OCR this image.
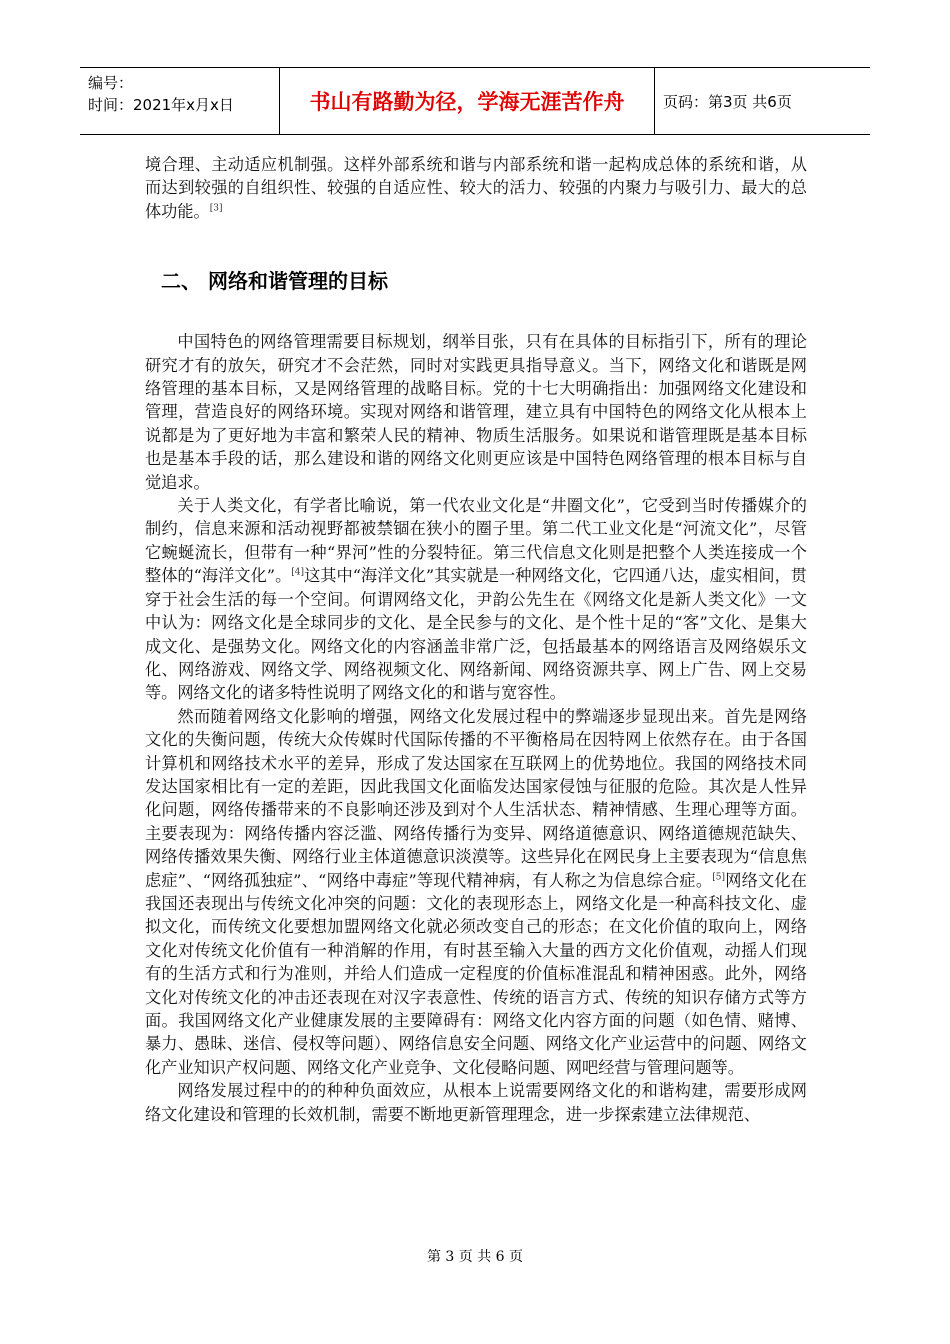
编号：
时间：2021年x月x日	书山有路勤为径，学海无涯苦作舟	页码：第3页 共6页

境合理、主动适应机制强。这样外部系统和谐与内部系统和谐一起构成总体的系统和谐，从而达到较强的自组织性、较强的自适应性、较大的活力、较强的内聚力与吸引力、最大的总体功能。[3]

二、 网络和谐管理的目标

中国特色的网络管理需要目标规划，纲举目张，只有在具体的目标指引下，所有的理论研究才有的放矢，研究才不会茫然，同时对实践更具指导意义。当下，网络文化和谐既是网络管理的基本目标，又是网络管理的战略目标。党的十七大明确指出：加强网络文化建设和管理，营造良好的网络环境。实现对网络和谐管理，建立具有中国特色的网络文化从根本上说都是为了更好地为丰富和繁荣人民的精神、物质生活服务。如果说和谐管理既是基本目标也是基本手段的话，那么建设和谐的网络文化则更应该是中国特色网络管理的根本目标与自觉追求。

关于人类文化，有学者比喻说，第一代农业文化是“井圈文化”，它受到当时传播媒介的制约，信息来源和活动视野都被禁锢在狭小的圈子里。第二代工业文化是“河流文化”，尽管它蜿蜒流长，但带有一种“界河”性的分裂特征。第三代信息文化则是把整个人类连接成一个整体的“海洋文化”。[4]这其中“海洋文化”其实就是一种网络文化，它四通八达，虚实相间，贯穿于社会生活的每一个空间。何谓网络文化，尹韵公先生在《网络文化是新人类文化》一文中认为：网络文化是全球同步的文化、是全民参与的文化、是个性十足的“客”文化、是集大成文化、是强势文化。网络文化的内容涵盖非常广泛，包括最基本的网络语言及网络娱乐文化、网络游戏、网络文学、网络视频文化、网络新闻、网络资源共享、网上广告、网上交易等。网络文化的诸多特性说明了网络文化的和谐与宽容性。

然而随着网络文化影响的增强，网络文化发展过程中的弊端逐步显现出来。首先是网络文化的失衡问题，传统大众传媒时代国际传播的不平衡格局在因特网上依然存在。由于各国计算机和网络技术水平的差异，形成了发达国家在互联网上的优势地位。我国的网络技术同发达国家相比有一定的差距，因此我国文化面临发达国家侵蚀与征服的危险。其次是人性异化问题，网络传播带来的不良影响还涉及到对个人生活状态、精神情感、生理心理等方面。主要表现为：网络传播内容泛滥、网络传播行为变异、网络道德意识、网络道德规范缺失、网络传播效果失衡、网络行业主体道德意识淡漠等。这些异化在网民身上主要表现为“信息焦虑症”、“网络孤独症”、“网络中毒症”等现代精神病，有人称之为信息综合症。[5]网络文化在我国还表现出与传统文化冲突的问题：文化的表现形态上，网络文化是一种高科技文化、虚拟文化，而传统文化要想加盟网络文化就必须改变自己的形态；在文化价值的取向上，网络文化对传统文化价值有一种消解的作用，有时甚至输入大量的西方文化价值观，动摇人们现有的生活方式和行为准则，并给人们造成一定程度的价值标准混乱和精神困惑。此外，网络文化对传统文化的冲击还表现在对汉字表意性、传统的语言方式、传统的知识存储方式等方面。我国网络文化产业健康发展的主要障碍有：网络文化内容方面的问题（如色情、赌博、暴力、愚昧、迷信、侵权等问题）、网络信息安全问题、网络文化产业运营中的问题、网络文化产业知识产权问题、网络文化产业竞争、文化侵略问题、网吧经营与管理问题等。

网络发展过程中的的种种负面效应，从根本上说需要网络文化的和谐构建，需要形成网络文化建设和管理的长效机制，需要不断地更新管理理念，进一步探索建立法律规范、

第 3 页 共 6 页
